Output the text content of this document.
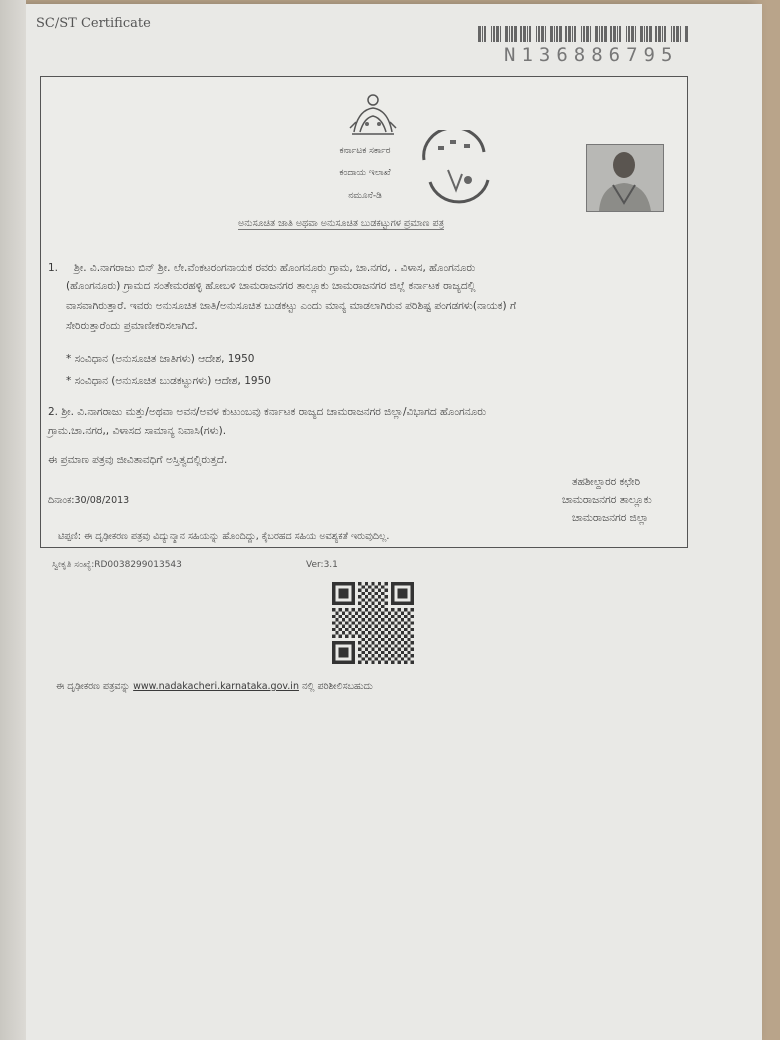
SC/ST Certificate
N136886795
ಕರ್ನಾಟಕ ಸರ್ಕಾರ
ಕಂದಾಯ ಇಲಾಖೆ
ನಮೂನೆ-ಡಿ
ಅನುಸೂಚಿತ ಜಾತಿ ಅಥವಾ ಅನುಸೂಚಿತ ಬುಡಕಟ್ಟುಗಳ ಪ್ರಮಾಣ ಪತ್ರ
1. ಶ್ರೀ. ವಿ.ನಾಗರಾಜು ಬಿನ್ ಶ್ರೀ. ಲೇ.ವೆಂಕಟರಂಗನಾಯಕ ರವರು ಹೊಂಗನೂರು ಗ್ರಾಮ, ಚಾ.ನಗರ, . ವಿಳಾಸ, ಹೊಂಗನೂರು
(ಹೊಂಗನೂರು) ಗ್ರಾಮದ ಸಂತೇಮರಹಳ್ಳಿ ಹೋಬಳಿ ಚಾಮರಾಜನಗರ ತಾಲ್ಲೂಕು ಚಾಮರಾಜನಗರ ಜಿಲ್ಲೆ ಕರ್ನಾಟಕ ರಾಜ್ಯದಲ್ಲಿ
ವಾಸವಾಗಿರುತ್ತಾರೆ. ಇವರು ಅನುಸೂಚಿತ ಜಾತಿ/ಅನುಸೂಚಿತ ಬುಡಕಟ್ಟು ಎಂದು ಮಾನ್ಯ ಮಾಡಲಾಗಿರುವ ಪರಿಶಿಷ್ಟ ಪಂಗಡಗಳು(ನಾಯಕ) ಗೆ
ಸೇರಿರುತ್ತಾರೆಂದು ಪ್ರಮಾಣೀಕರಿಸಲಾಗಿದೆ.
* ಸಂವಿಧಾನ (ಅನುಸೂಚಿತ ಜಾತಿಗಳು) ಆದೇಶ, 1950
* ಸಂವಿಧಾನ (ಅನುಸೂಚಿತ ಬುಡಕಟ್ಟುಗಳು) ಆದೇಶ, 1950
2. ಶ್ರೀ. ವಿ.ನಾಗರಾಜು ಮತ್ತು/ಅಥವಾ ಅವನ/ಅವಳ ಕುಟುಂಬವು ಕರ್ನಾಟಕ ರಾಜ್ಯದ ಚಾಮರಾಜನಗರ ಜಿಲ್ಲಾ/ವಿಭಾಗದ ಹೊಂಗನೂರು
ಗ್ರಾಮ.ಚಾ.ನಗರ,, ವಿಳಾಸದ ಸಾಮಾನ್ಯ ನಿವಾಸಿ(ಗಳು).
ಈ ಪ್ರಮಾಣ ಪತ್ರವು ಜೀವಿತಾವಧಿಗೆ ಅಸ್ತಿತ್ವದಲ್ಲಿರುತ್ತದೆ.
ತಹಶೀಲ್ದಾರರ ಕಛೇರಿ
ದಿನಾಂಕ:30/08/2013	ಚಾಮರಾಜನಗರ ತಾಲ್ಲೂಕು
ಚಾಮರಾಜನಗರ ಜಿಲ್ಲಾ
ಟಿಪ್ಪಣಿ: ಈ ದೃಢೀಕರಣ ಪತ್ರವು ವಿದ್ಯುನ್ಮಾನ ಸಹಿಯನ್ನು ಹೊಂದಿದ್ದು, ಕೈಬರಹದ ಸಹಿಯ ಅವಶ್ಯಕತೆ ಇರುವುದಿಲ್ಲ.
ಸ್ವೀಕೃತಿ ಸಂಖ್ಯೆ:RD0038299013543	Ver:3.1
ಈ ದೃಢೀಕರಣ ಪತ್ರವನ್ನು www.nadakacheri.karnataka.gov.in ನಲ್ಲಿ ಪರಿಶೀಲಿಸಬಹುದು
